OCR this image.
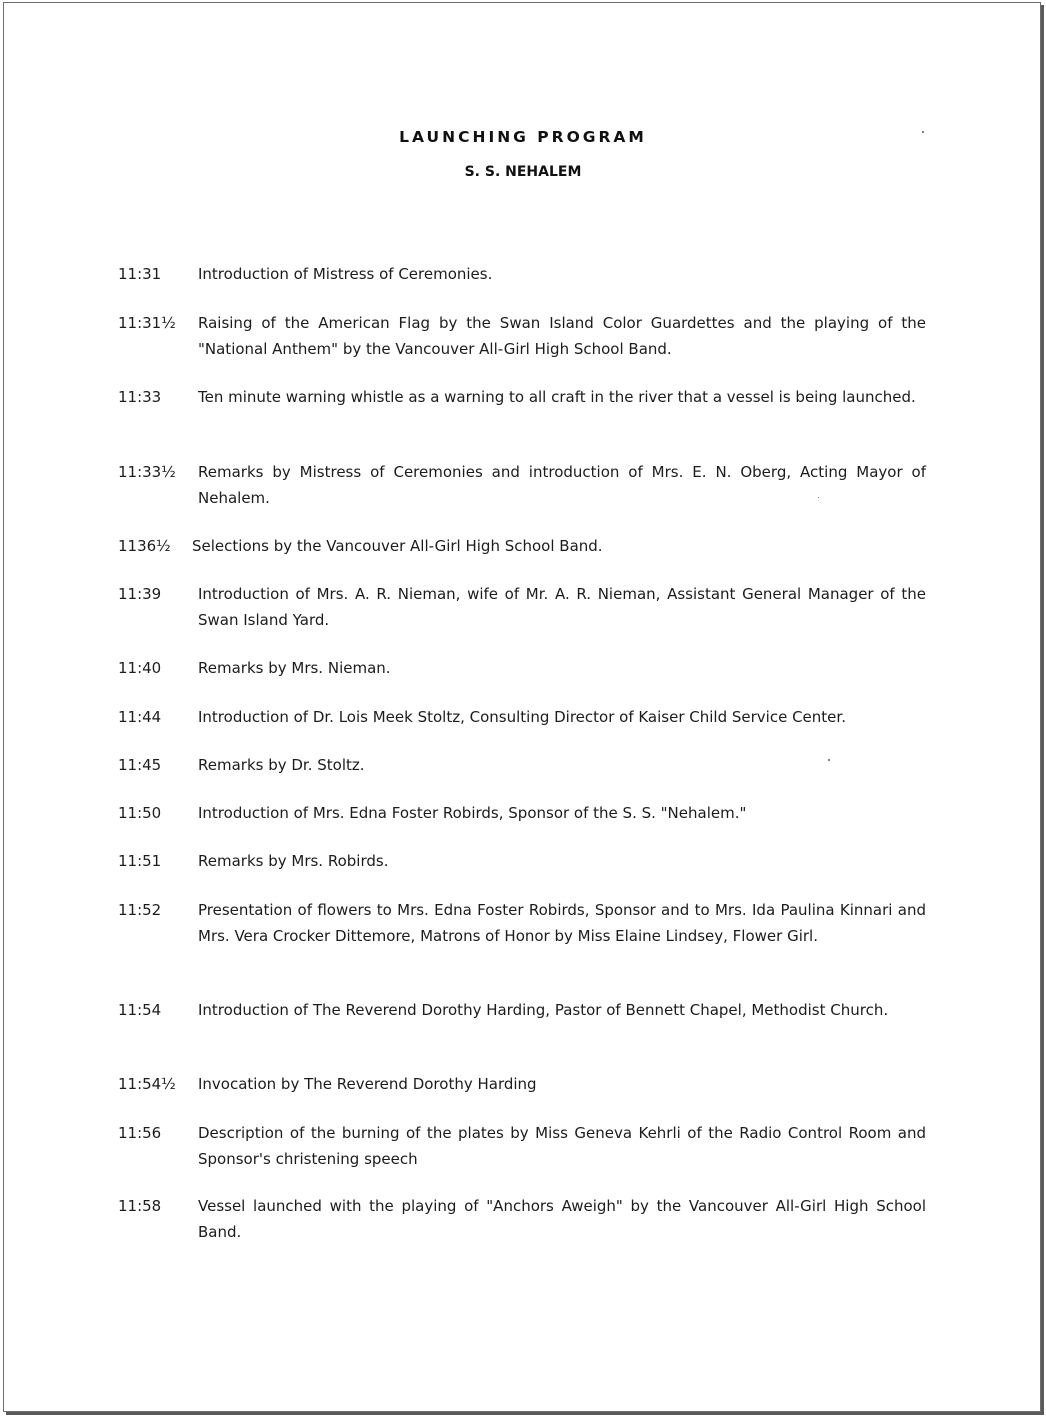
LAUNCHING PROGRAM
S. S. NEHALEM
11:31 Introduction of Mistress of Ceremonies.
11:31½ Raising of the American Flag by the Swan Island Color Guardettes and the playing of the "National Anthem" by the Vancouver All-Girl High School Band.
11:33 Ten minute warning whistle as a warning to all craft in the river that a vessel is being launched.
11:33½ Remarks by Mistress of Ceremonies and introduction of Mrs. E. N. Oberg, Acting Mayor of Nehalem.
1136½ Selections by the Vancouver All-Girl High School Band.
11:39 Introduction of Mrs. A. R. Nieman, wife of Mr. A. R. Nieman, Assistant General Manager of the Swan Island Yard.
11:40 Remarks by Mrs. Nieman.
11:44 Introduction of Dr. Lois Meek Stoltz, Consulting Director of Kaiser Child Service Center.
11:45 Remarks by Dr. Stoltz.
11:50 Introduction of Mrs. Edna Foster Robirds, Sponsor of the S. S. "Nehalem."
11:51 Remarks by Mrs. Robirds.
11:52 Presentation of flowers to Mrs. Edna Foster Robirds, Sponsor and to Mrs. Ida Paulina Kinnari and Mrs. Vera Crocker Dittemore, Matrons of Honor by Miss Elaine Lindsey, Flower Girl.
11:54 Introduction of The Reverend Dorothy Harding, Pastor of Bennett Chapel, Methodist Church.
11:54½ Invocation by The Reverend Dorothy Harding
11:56 Description of the burning of the plates by Miss Geneva Kehrli of the Radio Control Room and Sponsor's christening speech
11:58 Vessel launched with the playing of "Anchors Aweigh" by the Vancouver All-Girl High School Band.
